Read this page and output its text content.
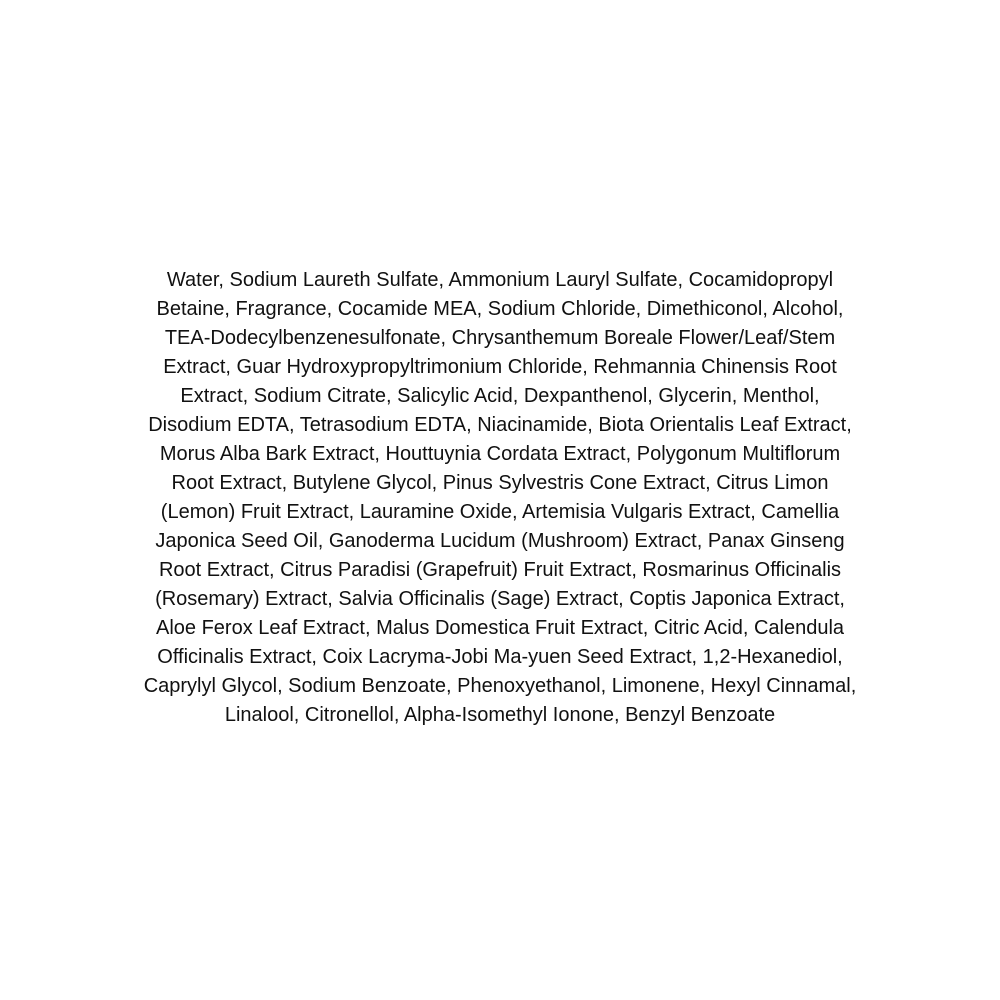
Water, Sodium Laureth Sulfate, Ammonium Lauryl Sulfate, Cocamidopropyl
Betaine, Fragrance, Cocamide MEA, Sodium Chloride, Dimethiconol, Alcohol,
TEA-Dodecylbenzenesulfonate, Chrysanthemum Boreale Flower/Leaf/Stem
Extract, Guar Hydroxypropyltrimonium Chloride, Rehmannia Chinensis Root
Extract, Sodium Citrate, Salicylic Acid, Dexpanthenol, Glycerin, Menthol,
Disodium EDTA, Tetrasodium EDTA, Niacinamide, Biota Orientalis Leaf Extract,
Morus Alba Bark Extract, Houttuynia Cordata Extract, Polygonum Multiflorum
Root Extract, Butylene Glycol, Pinus Sylvestris Cone Extract, Citrus Limon
(Lemon) Fruit Extract, Lauramine Oxide, Artemisia Vulgaris Extract, Camellia
Japonica Seed Oil, Ganoderma Lucidum (Mushroom) Extract, Panax Ginseng
Root Extract, Citrus Paradisi (Grapefruit) Fruit Extract, Rosmarinus Officinalis
(Rosemary) Extract, Salvia Officinalis (Sage) Extract, Coptis Japonica Extract,
Aloe Ferox Leaf Extract, Malus Domestica Fruit Extract, Citric Acid, Calendula
Officinalis Extract, Coix Lacryma-Jobi Ma-yuen Seed Extract, 1,2-Hexanediol,
Caprylyl Glycol, Sodium Benzoate, Phenoxyethanol, Limonene, Hexyl Cinnamal,
Linalool, Citronellol, Alpha-Isomethyl Ionone, Benzyl Benzoate
